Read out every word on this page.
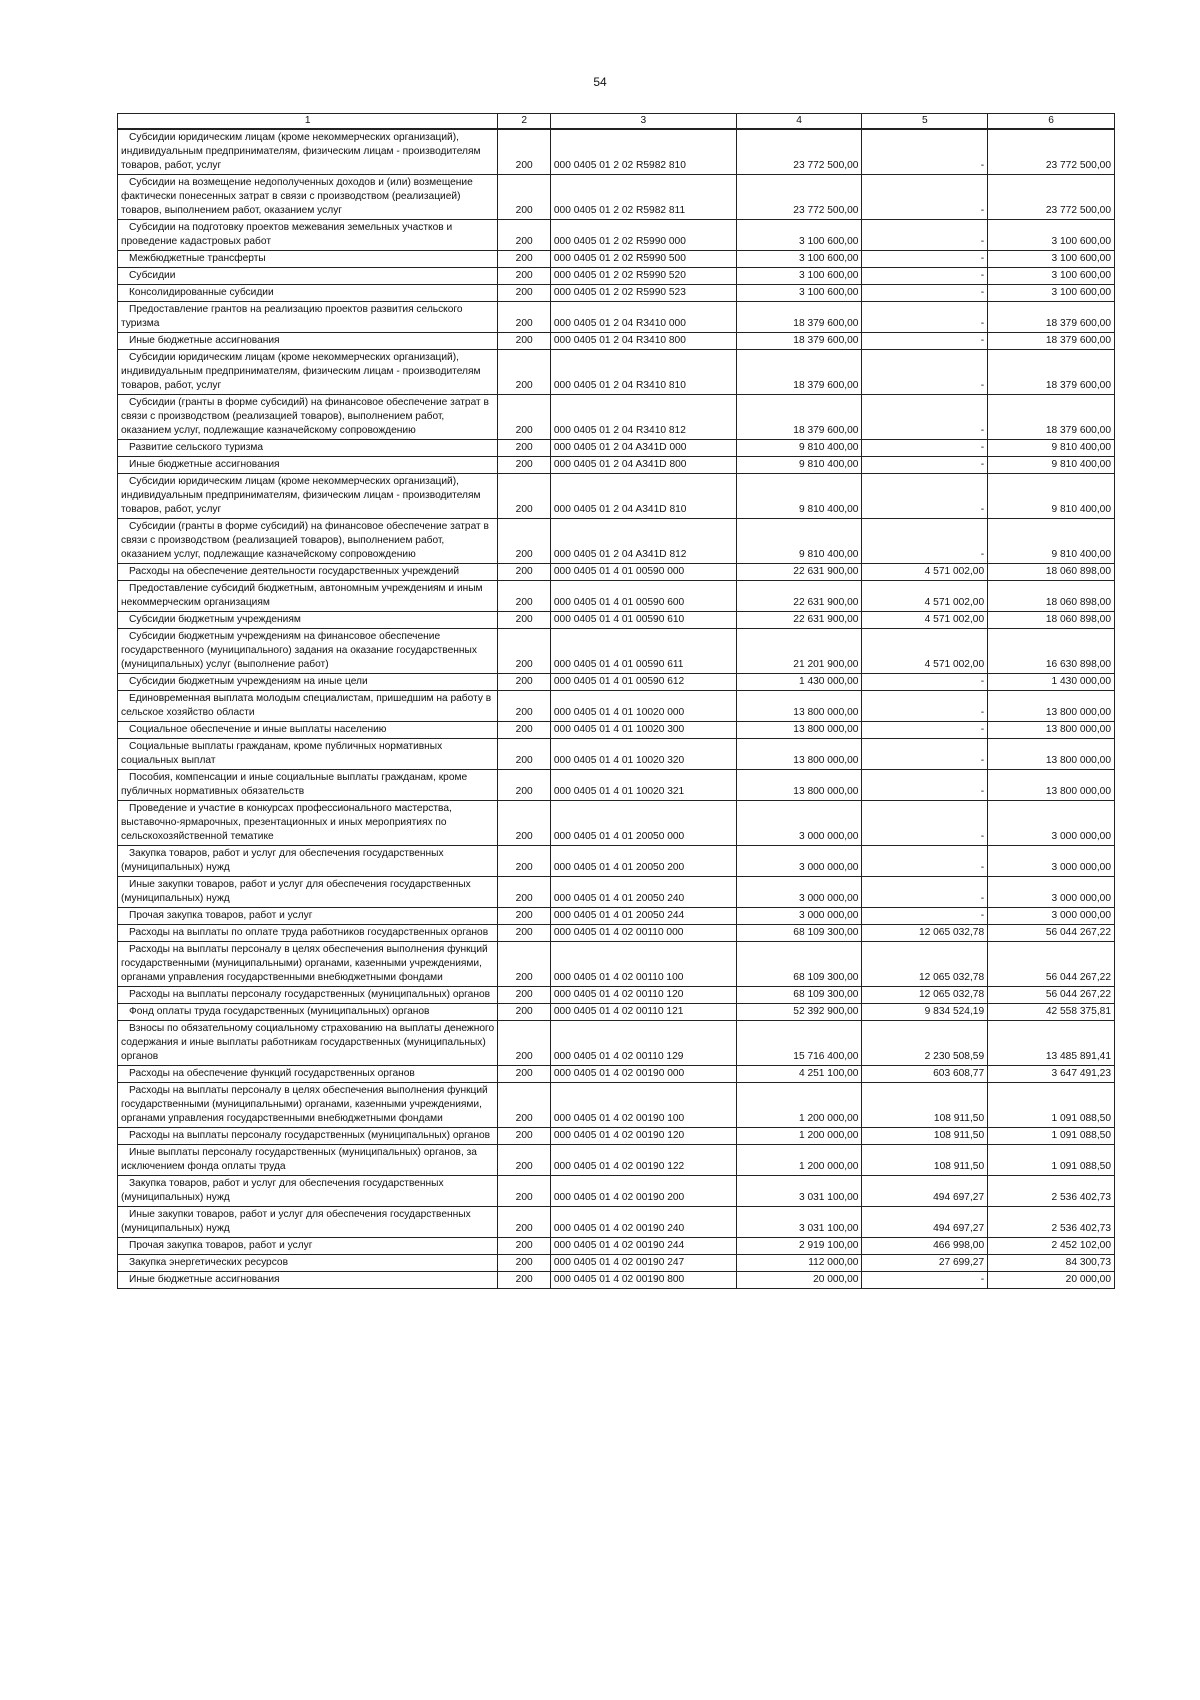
54
1	2	3	4	5	6

Субсидии юридическим лицам (кроме некоммерческих организаций), индивидуальным предпринимателям, физическим лицам - производителям товаров, работ, услуг	200	000 0405 01 2 02 R5982 810	23 772 500,00	-	23 772 500,00

Субсидии на возмещение недополученных доходов и (или) возмещение фактически понесенных затрат в связи с производством (реализацией) товаров, выполнением работ, оказанием услуг	200	000 0405 01 2 02 R5982 811	23 772 500,00	-	23 772 500,00

Субсидии на подготовку проектов межевания земельных участков и проведение кадастровых работ	200	000 0405 01 2 02 R5990 000	3 100 600,00	-	3 100 600,00

Межбюджетные трансферты	200	000 0405 01 2 02 R5990 500	3 100 600,00	-	3 100 600,00

Субсидии	200	000 0405 01 2 02 R5990 520	3 100 600,00	-	3 100 600,00

Консолидированные субсидии	200	000 0405 01 2 02 R5990 523	3 100 600,00	-	3 100 600,00

Предоставление грантов на реализацию проектов развития сельского туризма	200	000 0405 01 2 04 R3410 000	18 379 600,00	-	18 379 600,00

Иные бюджетные ассигнования	200	000 0405 01 2 04 R3410 800	18 379 600,00	-	18 379 600,00

Субсидии юридическим лицам (кроме некоммерческих организаций), индивидуальным предпринимателям, физическим лицам - производителям товаров, работ, услуг	200	000 0405 01 2 04 R3410 810	18 379 600,00	-	18 379 600,00

Субсидии (гранты в форме субсидий) на финансовое обеспечение затрат в связи с производством (реализацией товаров), выполнением работ, оказанием услуг, подлежащие казначейскому сопровождению	200	000 0405 01 2 04 R3410 812	18 379 600,00	-	18 379 600,00

Развитие сельского туризма	200	000 0405 01 2 04 A341D 000	9 810 400,00	-	9 810 400,00

Иные бюджетные ассигнования	200	000 0405 01 2 04 A341D 800	9 810 400,00	-	9 810 400,00

Субсидии юридическим лицам (кроме некоммерческих организаций), индивидуальным предпринимателям, физическим лицам - производителям товаров, работ, услуг	200	000 0405 01 2 04 A341D 810	9 810 400,00	-	9 810 400,00

Субсидии (гранты в форме субсидий) на финансовое обеспечение затрат в связи с производством (реализацией товаров), выполнением работ, оказанием услуг, подлежащие казначейскому сопровождению	200	000 0405 01 2 04 A341D 812	9 810 400,00	-	9 810 400,00

Расходы на обеспечение деятельности государственных учреждений	200	000 0405 01 4 01 00590 000	22 631 900,00	4 571 002,00	18 060 898,00

Предоставление субсидий бюджетным, автономным учреждениям и иным некоммерческим организациям	200	000 0405 01 4 01 00590 600	22 631 900,00	4 571 002,00	18 060 898,00

Субсидии бюджетным учреждениям	200	000 0405 01 4 01 00590 610	22 631 900,00	4 571 002,00	18 060 898,00

Субсидии бюджетным учреждениям на финансовое обеспечение государственного (муниципального) задания на оказание государственных (муниципальных) услуг (выполнение работ)	200	000 0405 01 4 01 00590 611	21 201 900,00	4 571 002,00	16 630 898,00

Субсидии бюджетным учреждениям на иные цели	200	000 0405 01 4 01 00590 612	1 430 000,00	-	1 430 000,00

Единовременная выплата молодым специалистам, пришедшим на работу в сельское хозяйство области	200	000 0405 01 4 01 10020 000	13 800 000,00	-	13 800 000,00

Социальное обеспечение и иные выплаты населению	200	000 0405 01 4 01 10020 300	13 800 000,00	-	13 800 000,00

Социальные выплаты гражданам, кроме публичных нормативных социальных выплат	200	000 0405 01 4 01 10020 320	13 800 000,00	-	13 800 000,00

Пособия, компенсации и иные социальные выплаты гражданам, кроме публичных нормативных обязательств	200	000 0405 01 4 01 10020 321	13 800 000,00	-	13 800 000,00

Проведение и участие в конкурсах профессионального мастерства, выставочно-ярмарочных, презентационных и иных мероприятиях по сельскохозяйственной тематике	200	000 0405 01 4 01 20050 000	3 000 000,00	-	3 000 000,00

Закупка товаров, работ и услуг для обеспечения государственных (муниципальных) нужд	200	000 0405 01 4 01 20050 200	3 000 000,00	-	3 000 000,00

Иные закупки товаров, работ и услуг для обеспечения государственных (муниципальных) нужд	200	000 0405 01 4 01 20050 240	3 000 000,00	-	3 000 000,00

Прочая закупка товаров, работ и услуг	200	000 0405 01 4 01 20050 244	3 000 000,00	-	3 000 000,00

Расходы на выплаты по оплате труда работников государственных органов	200	000 0405 01 4 02 00110 000	68 109 300,00	12 065 032,78	56 044 267,22

Расходы на выплаты персоналу в целях обеспечения выполнения функций государственными (муниципальными) органами, казенными учреждениями, органами управления государственными внебюджетными фондами	200	000 0405 01 4 02 00110 100	68 109 300,00	12 065 032,78	56 044 267,22

Расходы на выплаты персоналу государственных (муниципальных) органов	200	000 0405 01 4 02 00110 120	68 109 300,00	12 065 032,78	56 044 267,22

Фонд оплаты труда государственных (муниципальных) органов	200	000 0405 01 4 02 00110 121	52 392 900,00	9 834 524,19	42 558 375,81

Взносы по обязательному социальному страхованию на выплаты денежного содержания и иные выплаты работникам государственных (муниципальных) органов	200	000 0405 01 4 02 00110 129	15 716 400,00	2 230 508,59	13 485 891,41

Расходы на обеспечение функций государственных органов	200	000 0405 01 4 02 00190 000	4 251 100,00	603 608,77	3 647 491,23

Расходы на выплаты персоналу в целях обеспечения выполнения функций государственными (муниципальными) органами, казенными учреждениями, органами управления государственными внебюджетными фондами	200	000 0405 01 4 02 00190 100	1 200 000,00	108 911,50	1 091 088,50

Расходы на выплаты персоналу государственных (муниципальных) органов	200	000 0405 01 4 02 00190 120	1 200 000,00	108 911,50	1 091 088,50

Иные выплаты персоналу государственных (муниципальных) органов, за исключением фонда оплаты труда	200	000 0405 01 4 02 00190 122	1 200 000,00	108 911,50	1 091 088,50

Закупка товаров, работ и услуг для обеспечения государственных (муниципальных) нужд	200	000 0405 01 4 02 00190 200	3 031 100,00	494 697,27	2 536 402,73

Иные закупки товаров, работ и услуг для обеспечения государственных (муниципальных) нужд	200	000 0405 01 4 02 00190 240	3 031 100,00	494 697,27	2 536 402,73

Прочая закупка товаров, работ и услуг	200	000 0405 01 4 02 00190 244	2 919 100,00	466 998,00	2 452 102,00

Закупка энергетических ресурсов	200	000 0405 01 4 02 00190 247	112 000,00	27 699,27	84 300,73

Иные бюджетные ассигнования	200	000 0405 01 4 02 00190 800	20 000,00	-	20 000,00
